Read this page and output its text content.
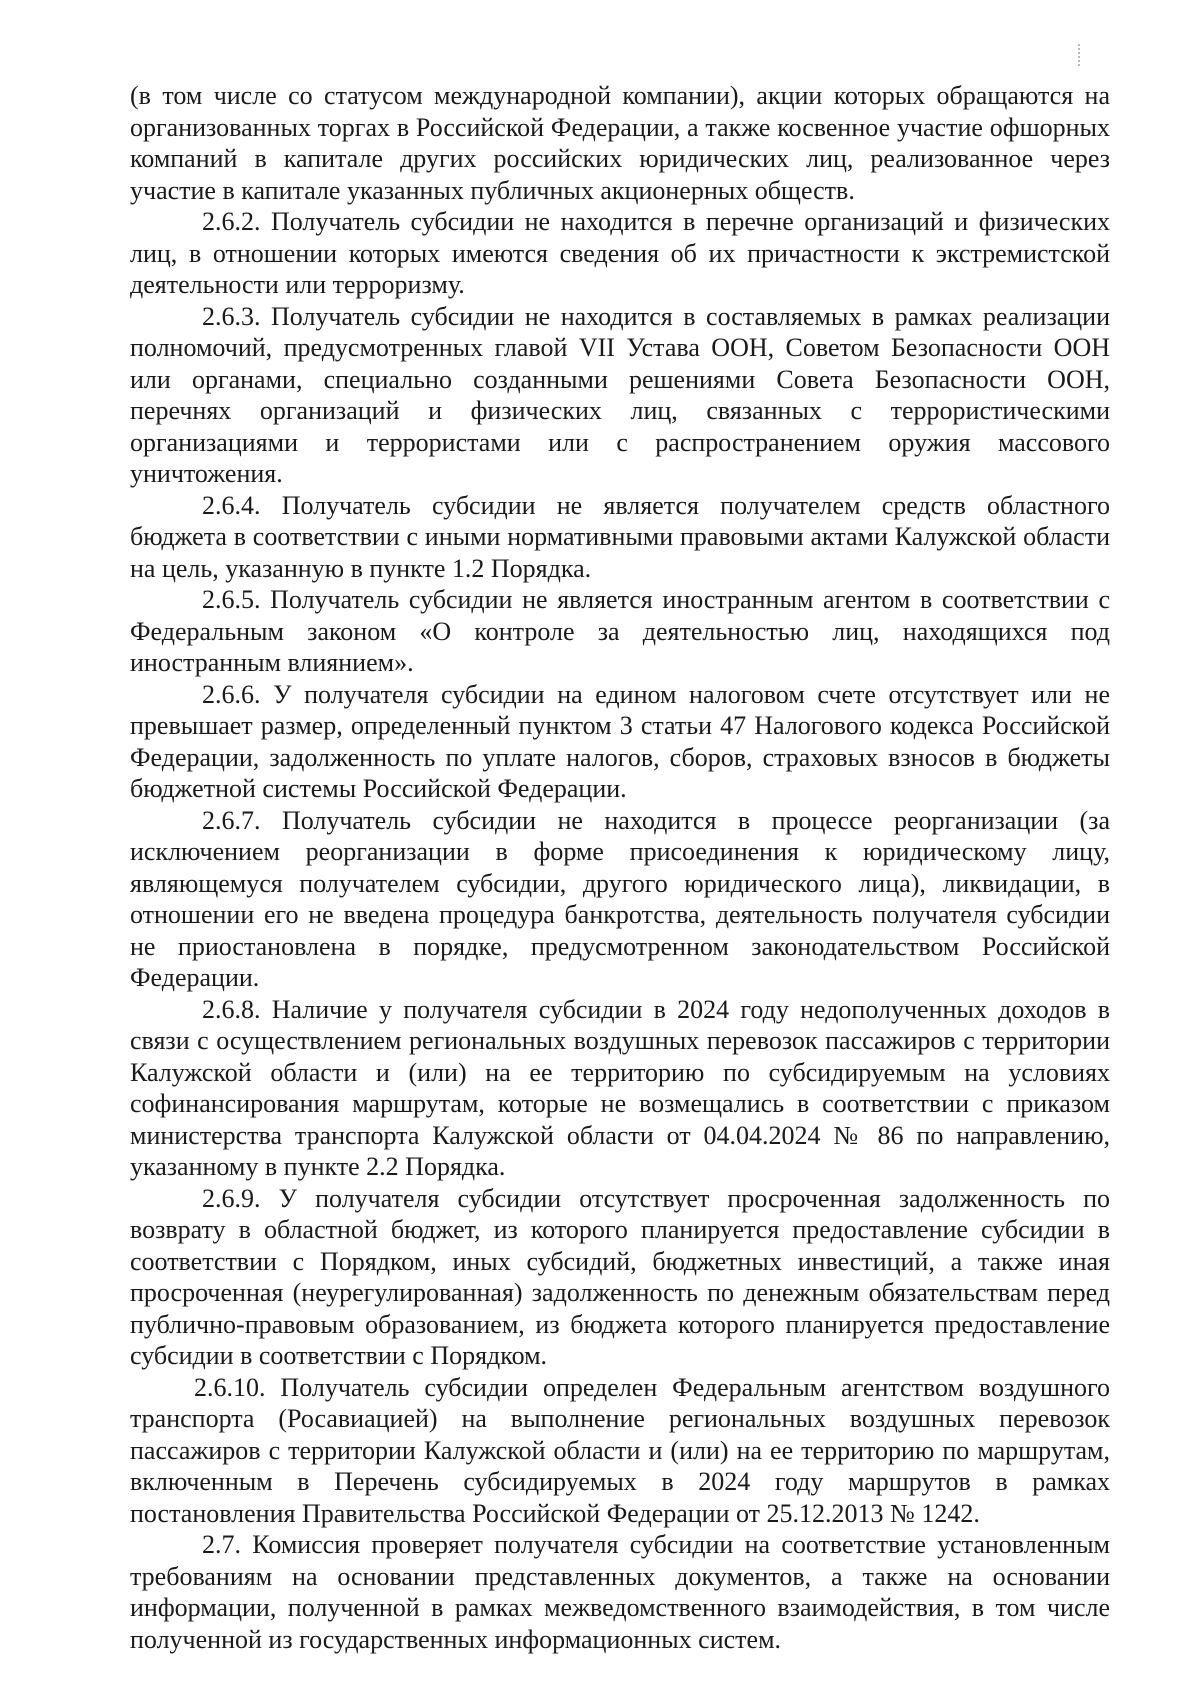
(в том числе со статусом международной компании), акции которых обращаются на организованных торгах в Российской Федерации, а также косвенное участие офшорных компаний в капитале других российских юридических лиц, реализованное через участие в капитале указанных публичных акционерных обществ.

2.6.2. Получатель субсидии не находится в перечне организаций и физических лиц, в отношении которых имеются сведения об их причастности к экстремистской деятельности или терроризму.

2.6.3. Получатель субсидии не находится в составляемых в рамках реализации полномочий, предусмотренных главой VII Устава ООН, Советом Безопасности ООН или органами, специально созданными решениями Совета Безопасности ООН, перечнях организаций и физических лиц, связанных с террористическими организациями и террористами или с распространением оружия массового уничтожения.

2.6.4. Получатель субсидии не является получателем средств областного бюджета в соответствии с иными нормативными правовыми актами Калужской области на цель, указанную в пункте 1.2 Порядка.

2.6.5. Получатель субсидии не является иностранным агентом в соответствии с Федеральным законом «О контроле за деятельностью лиц, находящихся под иностранным влиянием».

2.6.6. У получателя субсидии на едином налоговом счете отсутствует или не превышает размер, определенный пунктом 3 статьи 47 Налогового кодекса Российской Федерации, задолженность по уплате налогов, сборов, страховых взносов в бюджеты бюджетной системы Российской Федерации.

2.6.7. Получатель субсидии не находится в процессе реорганизации (за исключением реорганизации в форме присоединения к юридическому лицу, являющемуся получателем субсидии, другого юридического лица), ликвидации, в отношении его не введена процедура банкротства, деятельность получателя субсидии не приостановлена в порядке, предусмотренном законодательством Российской Федерации.

2.6.8. Наличие у получателя субсидии в 2024 году недополученных доходов в связи с осуществлением региональных воздушных перевозок пассажиров с территории Калужской области и (или) на ее территорию по субсидируемым на условиях софинансирования маршрутам, которые не возмещались в соответствии с приказом министерства транспорта Калужской области от 04.04.2024 № 86 по направлению, указанному в пункте 2.2 Порядка.

2.6.9. У получателя субсидии отсутствует просроченная задолженность по возврату в областной бюджет, из которого планируется предоставление субсидии в соответствии с Порядком, иных субсидий, бюджетных инвестиций, а также иная просроченная (неурегулированная) задолженность по денежным обязательствам перед публично-правовым образованием, из бюджета которого планируется предоставление субсидии в соответствии с Порядком.

2.6.10. Получатель субсидии определен Федеральным агентством воздушного транспорта (Росавиацией) на выполнение региональных воздушных перевозок пассажиров с территории Калужской области и (или) на ее территорию по маршрутам, включенным в Перечень субсидируемых в 2024 году маршрутов в рамках постановления Правительства Российской Федерации от 25.12.2013 № 1242.

2.7. Комиссия проверяет получателя субсидии на соответствие установленным требованиям на основании представленных документов, а также на основании информации, полученной в рамках межведомственного взаимодействия, в том числе полученной из государственных информационных систем.
